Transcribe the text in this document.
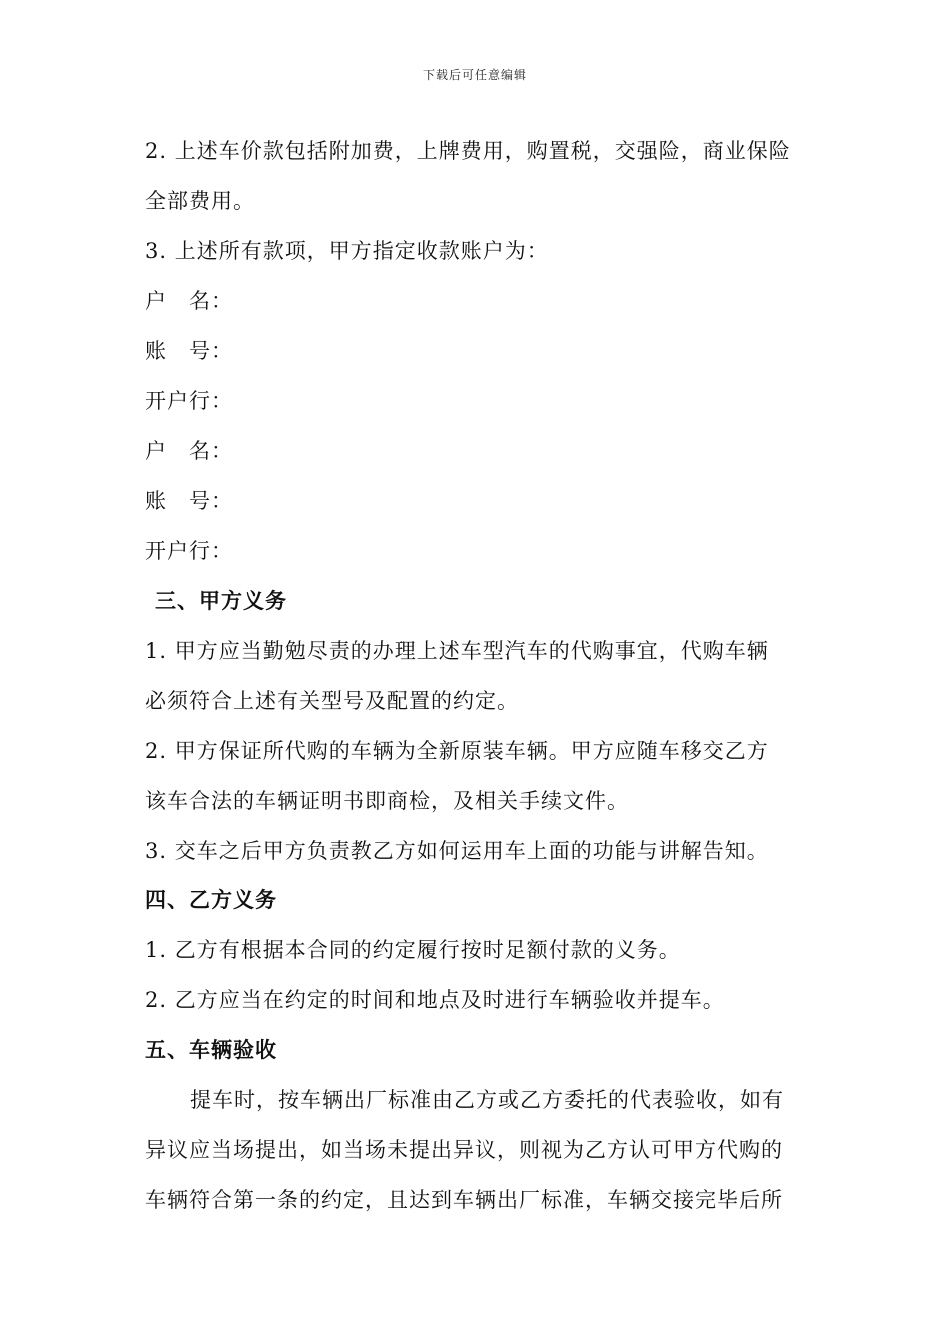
下载后可任意编辑
2. 上述车价款包括附加费，上牌费用，购置税，交强险，商业保险
全部费用。
3. 上述所有款项，甲方指定收款账户为：
户 名：
账 号：
开户行：
户 名：
账 号：
开户行：
三、甲方义务
1. 甲方应当勤勉尽责的办理上述车型汽车的代购事宜，代购车辆
必须符合上述有关型号及配置的约定。
2. 甲方保证所代购的车辆为全新原装车辆。甲方应随车移交乙方
该车合法的车辆证明书即商检，及相关手续文件。
3. 交车之后甲方负责教乙方如何运用车上面的功能与讲解告知。
四、乙方义务
1. 乙方有根据本合同的约定履行按时足额付款的义务。
2. 乙方应当在约定的时间和地点及时进行车辆验收并提车。
五、车辆验收
提车时，按车辆出厂标准由乙方或乙方委托的代表验收，如有
异议应当场提出，如当场未提出异议，则视为乙方认可甲方代购的
车辆符合第一条的约定，且达到车辆出厂标准，车辆交接完毕后所
